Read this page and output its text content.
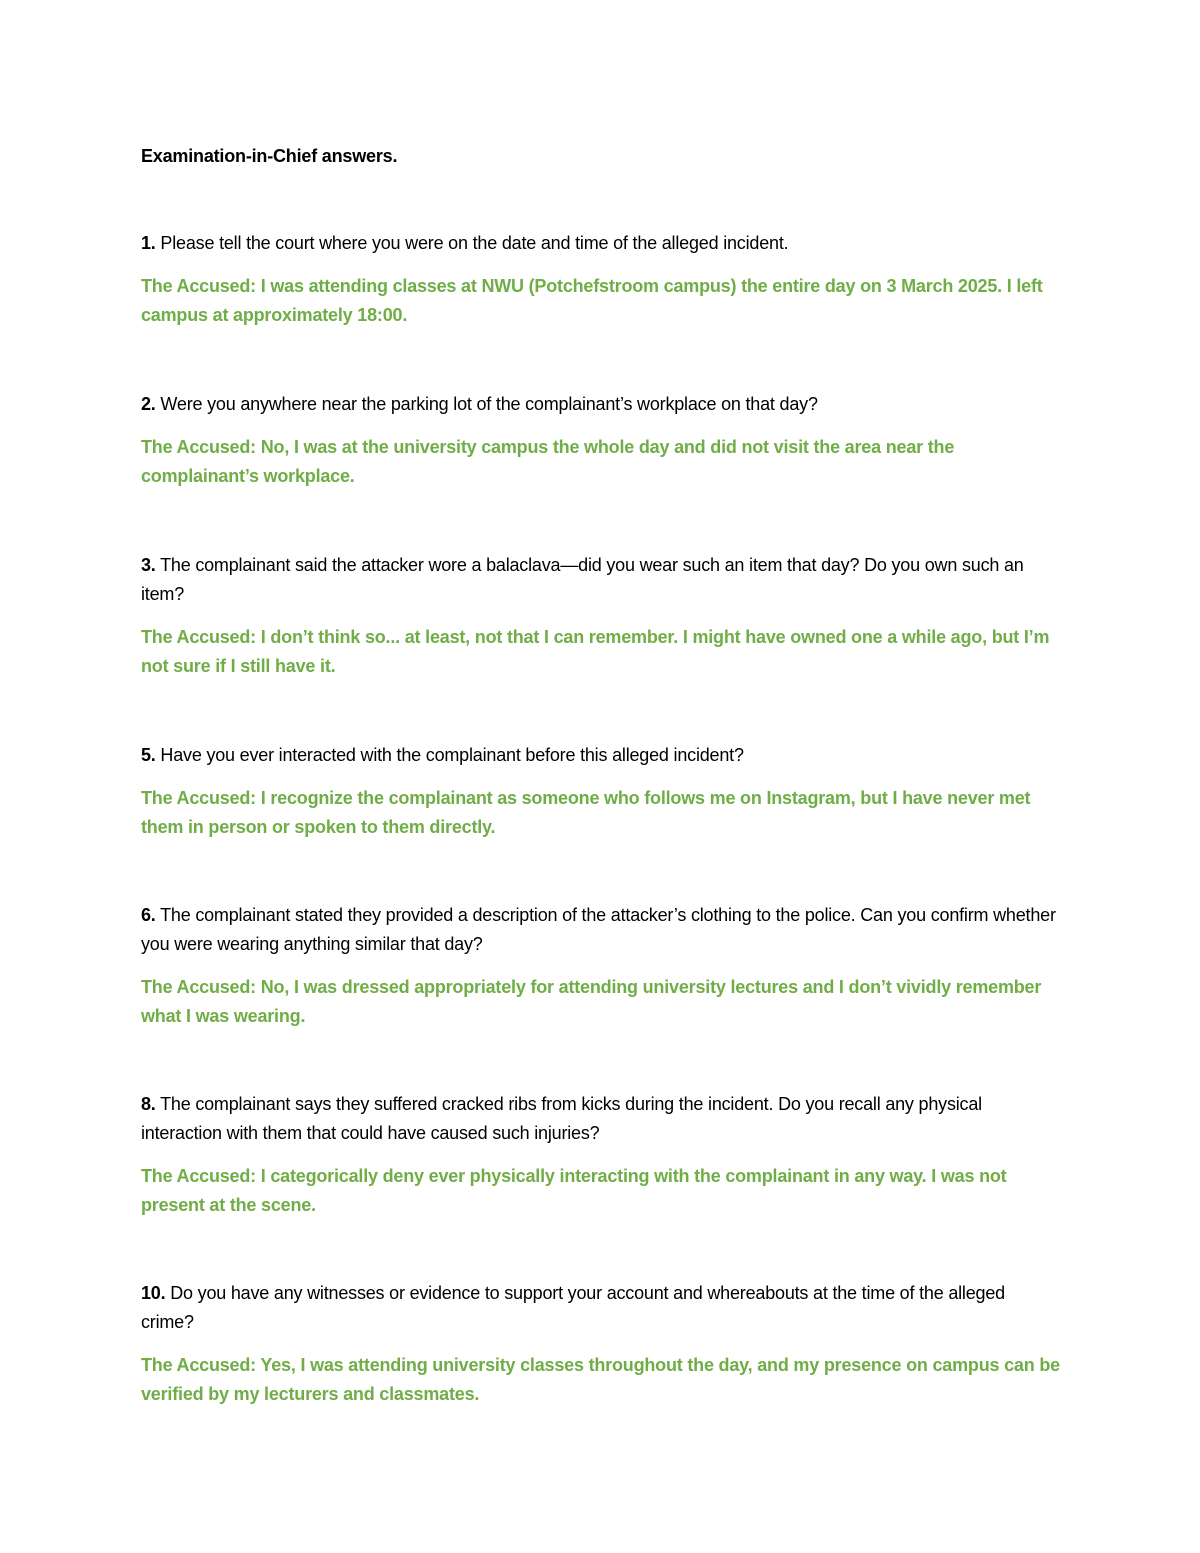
Examination-in-Chief answers.

1. Please tell the court where you were on the date and time of the alleged incident.

The Accused: I was attending classes at NWU (Potchefstroom campus) the entire day on 3 March 2025. I left campus at approximately 18:00.

2. Were you anywhere near the parking lot of the complainant’s workplace on that day?

The Accused: No, I was at the university campus the whole day and did not visit the area near the complainant’s workplace.

3. The complainant said the attacker wore a balaclava—did you wear such an item that day? Do you own such an item?

The Accused: I don’t think so... at least, not that I can remember. I might have owned one a while ago, but I’m not sure if I still have it.

5. Have you ever interacted with the complainant before this alleged incident?

The Accused: I recognize the complainant as someone who follows me on Instagram, but I have never met them in person or spoken to them directly.

6. The complainant stated they provided a description of the attacker’s clothing to the police. Can you confirm whether you were wearing anything similar that day?

The Accused: No, I was dressed appropriately for attending university lectures and I don’t vividly remember what I was wearing.

8. The complainant says they suffered cracked ribs from kicks during the incident. Do you recall any physical interaction with them that could have caused such injuries?

The Accused: I categorically deny ever physically interacting with the complainant in any way. I was not present at the scene.

10. Do you have any witnesses or evidence to support your account and whereabouts at the time of the alleged crime?

The Accused: Yes, I was attending university classes throughout the day, and my presence on campus can be verified by my lecturers and classmates.
